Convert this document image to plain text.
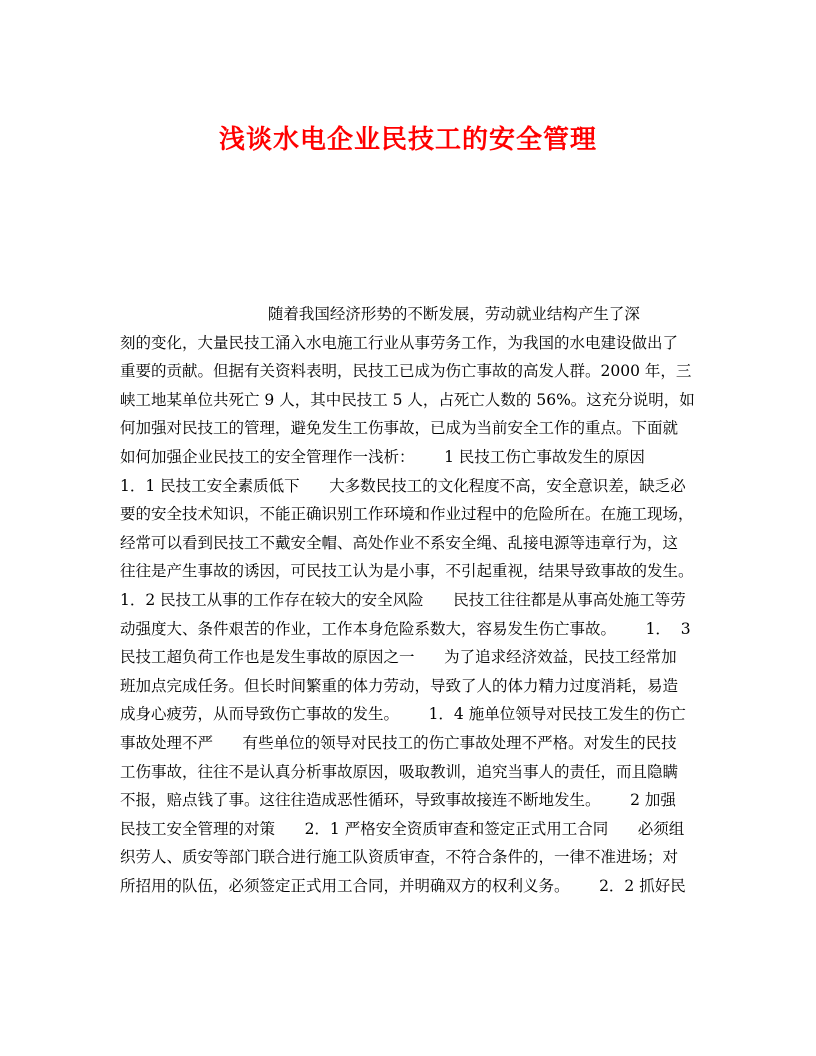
浅谈水电企业民技工的安全管理
随着我国经济形势的不断发展，劳动就业结构产生了深
刻的变化，大量民技工涌入水电施工行业从事劳务工作，为我国的水电建设做出了
重要的贡献。但据有关资料表明，民技工已成为伤亡事故的高发人群。2000 年，三
峡工地某单位共死亡 9 人，其中民技工 5 人，占死亡人数的 56%。这充分说明，如
何加强对民技工的管理，避免发生工伤事故，已成为当前安全工作的重点。下面就
如何加强企业民技工的安全管理作一浅析：      1 民技工伤亡事故发生的原因
1．1 民技工安全素质低下      大多数民技工的文化程度不高，安全意识差，缺乏必
要的安全技术知识，不能正确识别工作环境和作业过程中的危险所在。在施工现场，
经常可以看到民技工不戴安全帽、高处作业不系安全绳、乱接电源等违章行为，这
往往是产生事故的诱因，可民技工认为是小事，不引起重视，结果导致事故的发生。
1．2 民技工从事的工作存在较大的安全风险      民技工往往都是从事高处施工等劳
动强度大、条件艰苦的作业，工作本身危险系数大，容易发生伤亡事故。      1．  3
民技工超负荷工作也是发生事故的原因之一      为了追求经济效益，民技工经常加
班加点完成任务。但长时间繁重的体力劳动，导致了人的体力精力过度消耗，易造
成身心疲劳，从而导致伤亡事故的发生。      1．4 施单位领导对民技工发生的伤亡
事故处理不严      有些单位的领导对民技工的伤亡事故处理不严格。对发生的民技
工伤事故，往往不是认真分析事故原因，吸取教训，追究当事人的责任，而且隐瞒
不报，赔点钱了事。这往往造成恶性循环，导致事故接连不断地发生。      2 加强
民技工安全管理的对策      2．1 严格安全资质审查和签定正式用工合同      必须组
织劳人、质安等部门联合进行施工队资质审查，不符合条件的，一律不准进场；对
所招用的队伍，必须签定正式用工合同，并明确双方的权利义务。      2．2 抓好民
